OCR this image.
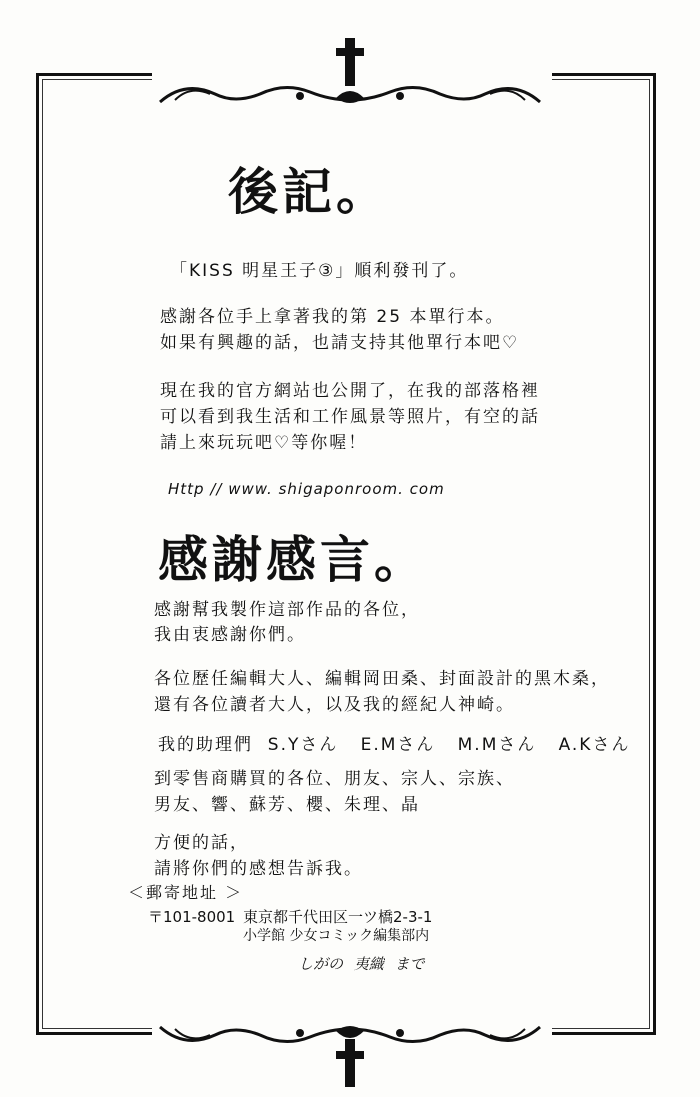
後記。
「KISS 明星王子③」順利發刊了。
感謝各位手上拿著我的第 25 本單行本。
如果有興趣的話，也請支持其他單行本吧♡
現在我的官方網站也公開了，在我的部落格裡
可以看到我生活和工作風景等照片，有空的話
請上來玩玩吧♡等你喔！
Http // www. shigaponroom. com
感謝感言。
感謝幫我製作這部作品的各位，
我由衷感謝你們。
各位歷任編輯大人、編輯岡田桑、封面設計的黑木桑，
還有各位讀者大人，以及我的經紀人神崎。
我的助理們  S.Yさん   E.Mさん   M.Mさん   A.Kさん
到零售商購買的各位、朋友、宗人、宗族、
男友、響、蘇芳、櫻、朱理、晶
方便的話，
請將你們的感想告訴我。
＜郵寄地址 ＞
〒101-8001 東京都千代田区一ツ橋2-3-1
小学館 少女コミック編集部内
しがの 夷織 まで
